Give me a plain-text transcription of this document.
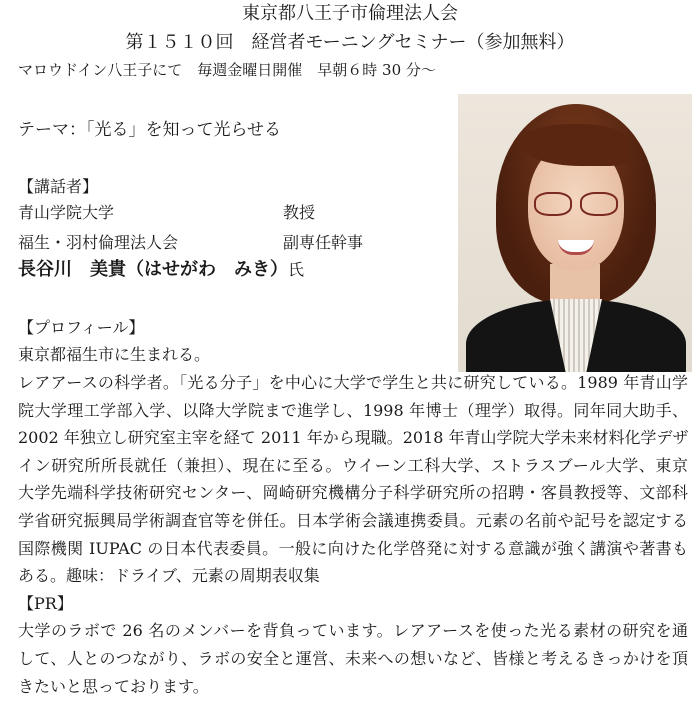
東京都八王子市倫理法人会
第１５１０回　経営者モーニングセミナー（参加無料）
マロウドイン八王子にて　毎週金曜日開催　早朝６時 30 分～
テーマ：「光る」を知って光らせる
【講話者】
青山学院大学	教授
福生・羽村倫理法人会	副専任幹事
長谷川　美貴（はせがわ　みき）氏
【プロフィール】
東京都福生市に生まれる。
レアアースの科学者。「光る分子」を中心に大学で学生と共に研究している。1989 年青山学
院大学理工学部入学、以降大学院まで進学し、1998 年博士（理学）取得。同年同大助手、
2002 年独立し研究室主宰を経て 2011 年から現職。2018 年青山学院大学未来材料化学デザ
イン研究所所長就任（兼担）、現在に至る。ウイーン工科大学、ストラスブール大学、東京
大学先端科学技術研究センター、岡崎研究機構分子科学研究所の招聘・客員教授等、文部科
学省研究振興局学術調査官等を併任。日本学術会議連携委員。元素の名前や記号を認定する
国際機関 IUPAC の日本代表委員。一般に向けた化学啓発に対する意識が強く講演や著書も
ある。趣味：ドライブ、元素の周期表収集
【PR】
大学のラボで 26 名のメンバーを背負っています。レアアースを使った光る素材の研究を通
して、人とのつながり、ラボの安全と運営、未来への想いなど、皆様と考えるきっかけを頂
きたいと思っております。
